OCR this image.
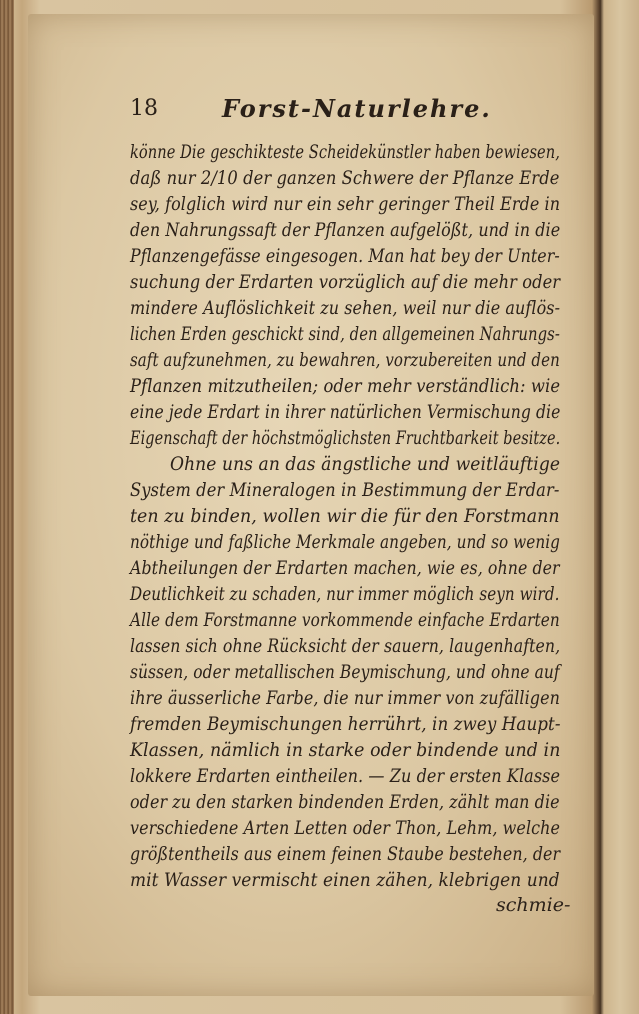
18	Forst-Naturlehre.
könne Die geschikteste Scheidekünstler haben bewiesen,
daß nur 2/10 der ganzen Schwere der Pflanze Erde
sey, folglich wird nur ein sehr geringer Theil Erde in
den Nahrungssaft der Pflanzen aufgelößt, und in die
Pflanzengefässe eingesogen. Man hat bey der Unter-
suchung der Erdarten vorzüglich auf die mehr oder
mindere Auflöslichkeit zu sehen, weil nur die auflös-
lichen Erden geschickt sind, den allgemeinen Nahrungs-
saft aufzunehmen, zu bewahren, vorzubereiten und den
Pflanzen mitzutheilen; oder mehr verständlich: wie
eine jede Erdart in ihrer natürlichen Vermischung die
Eigenschaft der höchstmöglichsten Fruchtbarkeit besitze.
Ohne uns an das ängstliche und weitläuftige
System der Mineralogen in Bestimmung der Erdar-
ten zu binden, wollen wir die für den Forstmann
nöthige und faßliche Merkmale angeben, und so wenig
Abtheilungen der Erdarten machen, wie es, ohne der
Deutlichkeit zu schaden, nur immer möglich seyn wird.
Alle dem Forstmanne vorkommende einfache Erdarten
lassen sich ohne Rücksicht der sauern, laugenhaften,
süssen, oder metallischen Beymischung, und ohne auf
ihre äusserliche Farbe, die nur immer von zufälligen
fremden Beymischungen herrührt, in zwey Haupt-
Klassen, nämlich in starke oder bindende und in
lokkere Erdarten eintheilen. — Zu der ersten Klasse
oder zu den starken bindenden Erden, zählt man die
verschiedene Arten Letten oder Thon, Lehm, welche
größtentheils aus einem feinen Staube bestehen, der
mit Wasser vermischt einen zähen, klebrigen und
schmie-
